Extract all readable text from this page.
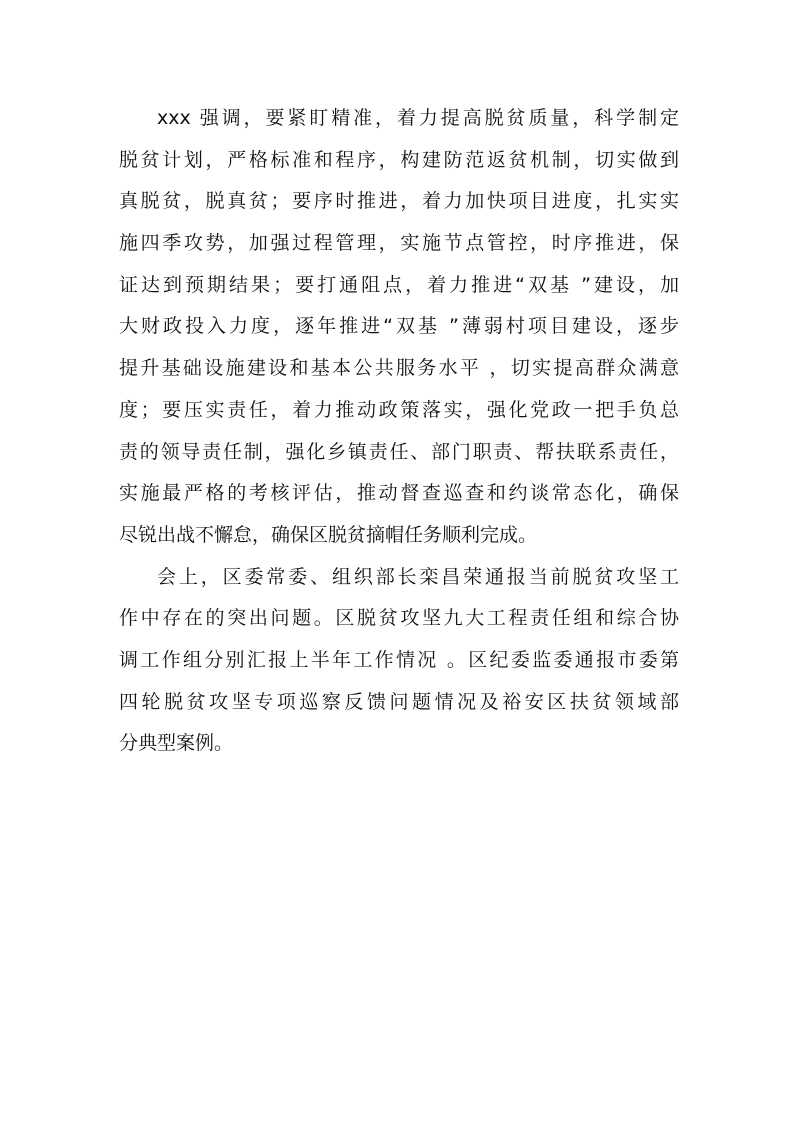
xxx 强调，要紧盯精准，着力提高脱贫质量，科学制定
脱贫计划，严格标准和程序，构建防范返贫机制，切实做到
真脱贫，脱真贫；要序时推进，着力加快项目进度，扎实实
施四季攻势，加强过程管理，实施节点管控，时序推进，保
证达到预期结果；要打通阻点，着力推进“双基 ”建设，加
大财政投入力度，逐年推进“双基 ”薄弱村项目建设，逐步
提升基础设施建设和基本公共服务水平 ，切实提高群众满意
度；要压实责任，着力推动政策落实，强化党政一把手负总
责的领导责任制，强化乡镇责任、部门职责、帮扶联系责任，
实施最严格的考核评估，推动督查巡查和约谈常态化，确保
尽锐出战不懈怠，确保区脱贫摘帽任务顺利完成。
会上，区委常委、组织部长栾昌荣通报当前脱贫攻坚工
作中存在的突出问题。区脱贫攻坚九大工程责任组和综合协
调工作组分别汇报上半年工作情况 。区纪委监委通报市委第
四轮脱贫攻坚专项巡察反馈问题情况及裕安区扶贫领域部
分典型案例。
